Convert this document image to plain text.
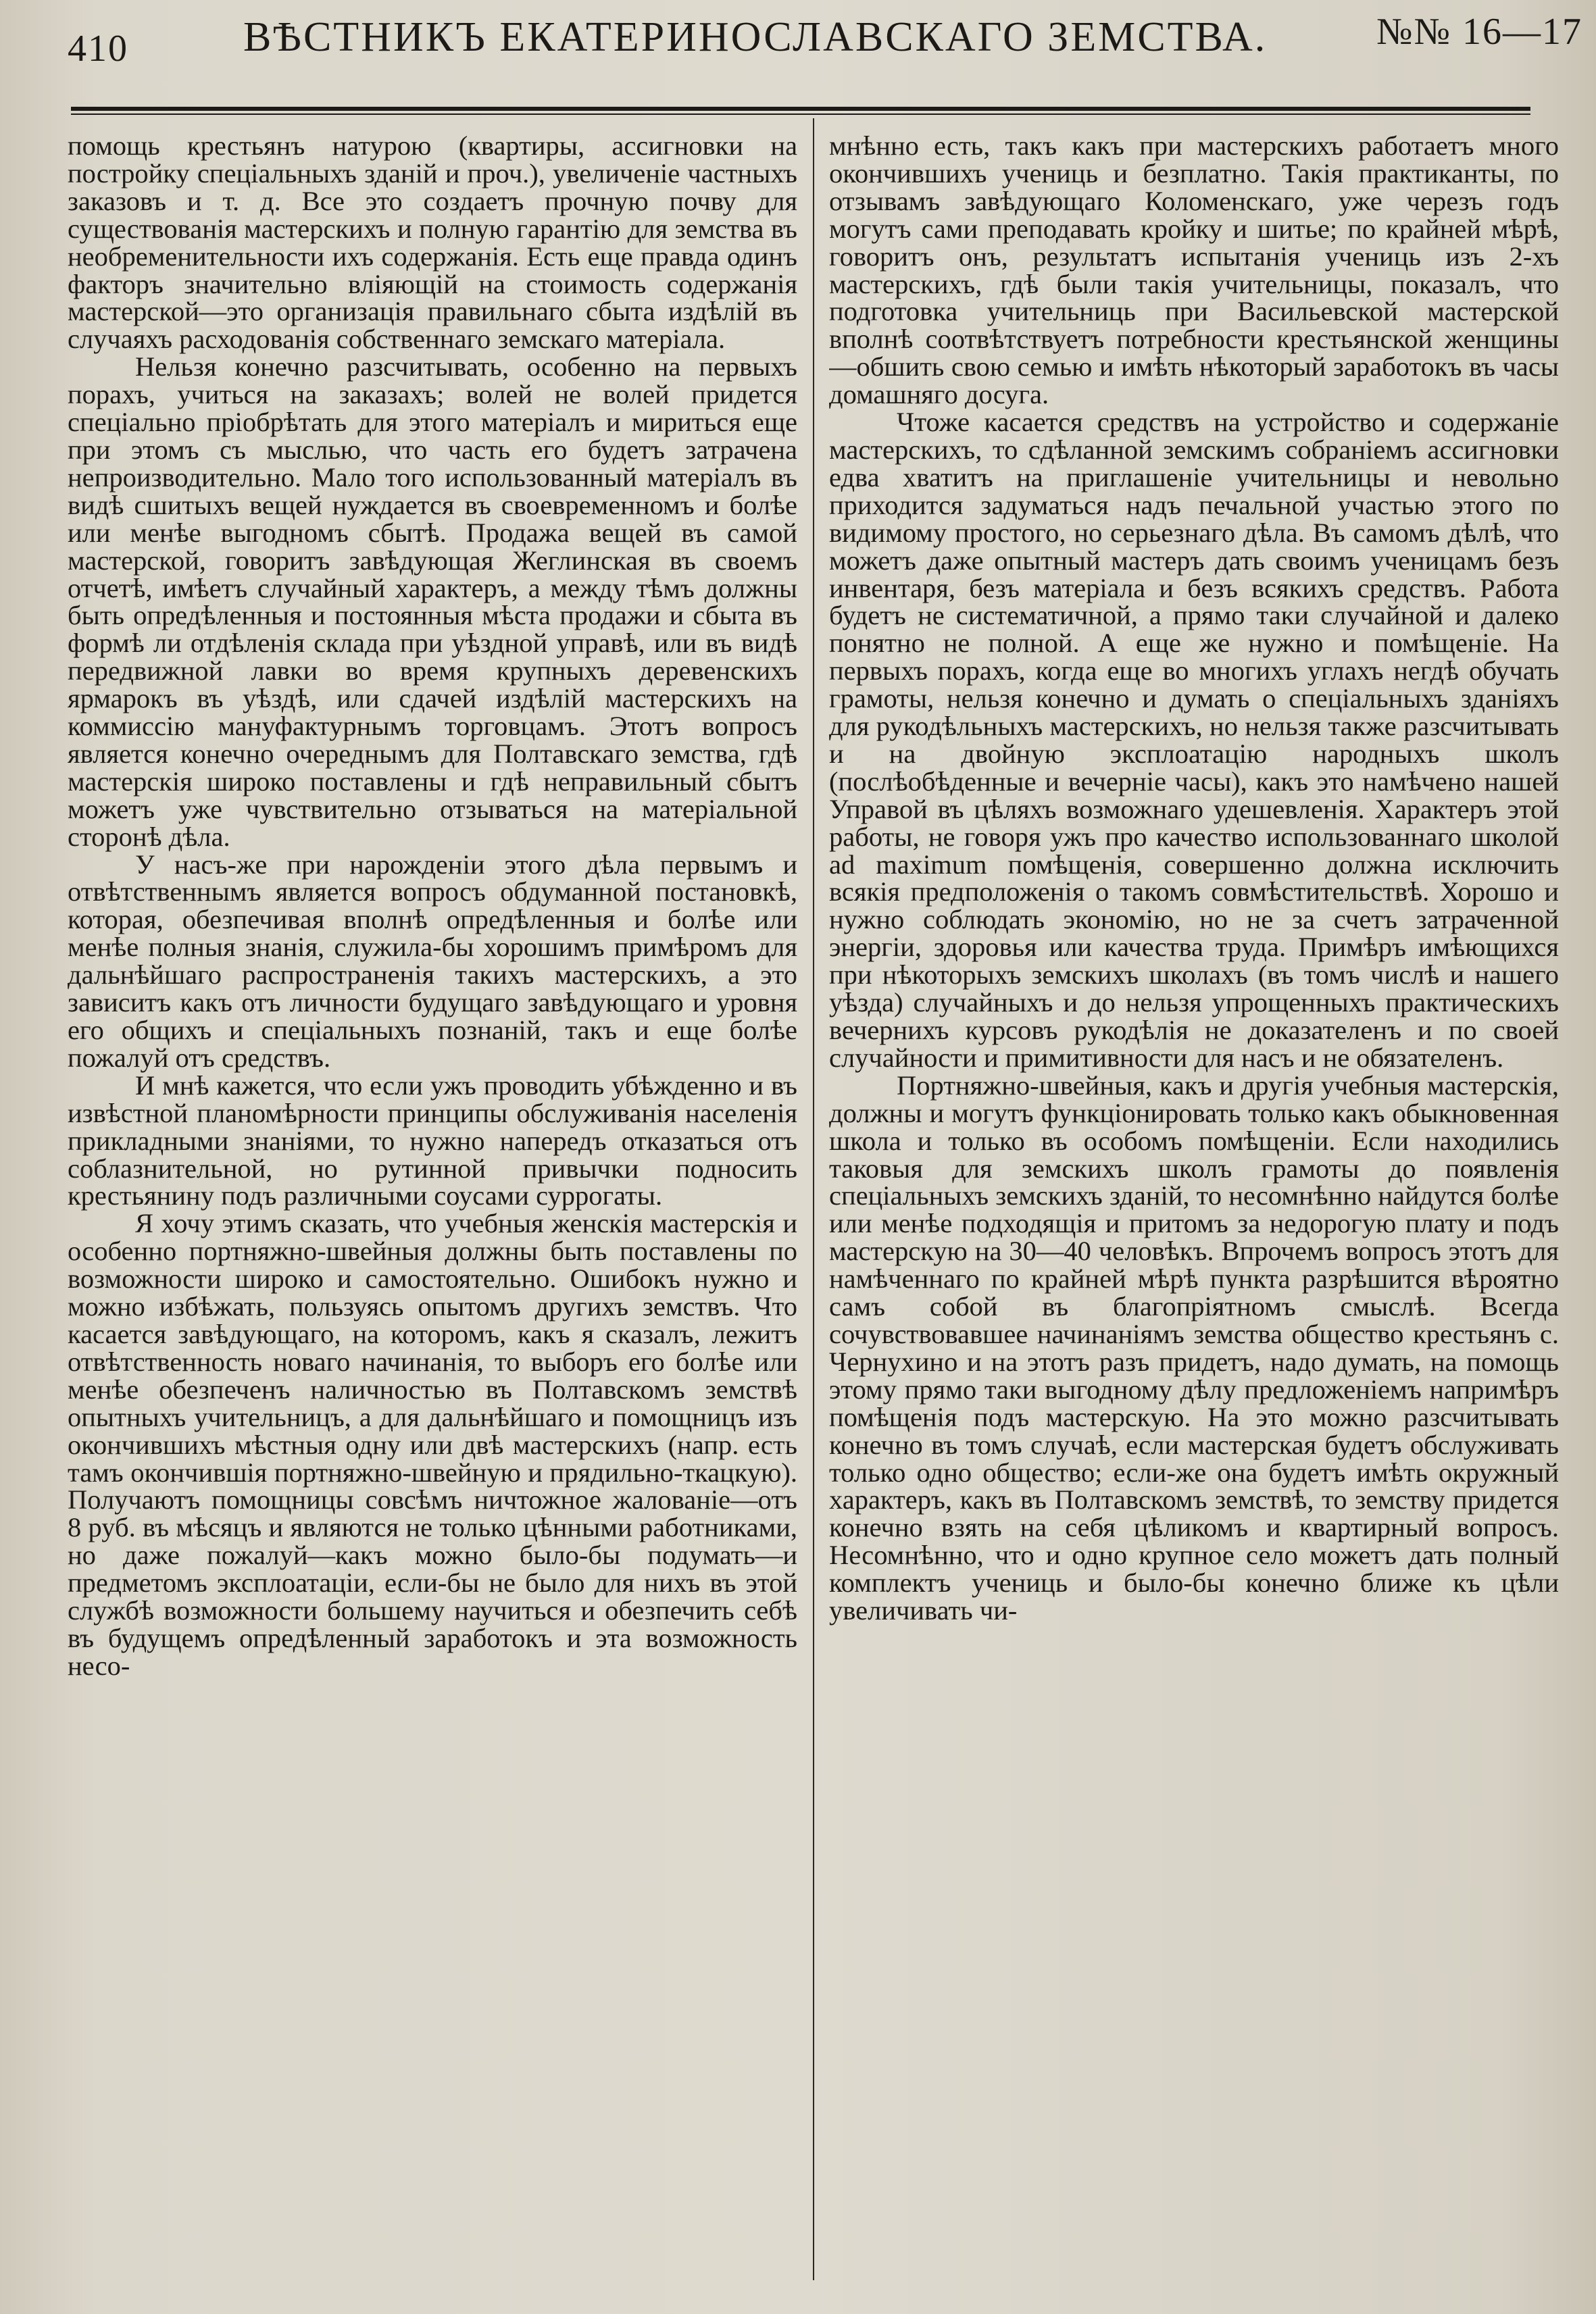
410	ВѢСТНИКЪ ЕКАТЕРИНОСЛАВСКАГО ЗЕМСТВА.	№№ 16—17

помощь крестьянъ натурою (квартиры, ассигновки на постройку спеціальныхъ зданій и проч.), увеличеніе частныхъ заказовъ и т. д. Все это создаетъ прочную почву для существованія мастерскихъ и полную гарантію для земства въ необременительности ихъ содержанія. Есть еще правда одинъ факторъ значительно вліяющій на стоимость содержанія мастерской—это организація правильнаго сбыта издѣлій въ случаяхъ расходованія собственнаго земскаго матеріала.

Нельзя конечно разсчитывать, особенно на первыхъ порахъ, учиться на заказахъ; волей не волей придется спеціально пріобрѣтать для этого матеріалъ и мириться еще при этомъ съ мыслью, что часть его будетъ затрачена непроизводительно. Мало того использованный матеріалъ въ видѣ сшитыхъ вещей нуждается въ своевременномъ и болѣе или менѣе выгодномъ сбытѣ. Продажа вещей въ самой мастерской, говоритъ завѣдующая Жеглинская въ своемъ отчетѣ, имѣетъ случайный характеръ, а между тѣмъ должны быть опредѣленныя и постоянныя мѣста продажи и сбыта въ формѣ ли отдѣленія склада при уѣздной управѣ, или въ видѣ передвижной лавки во время крупныхъ деревенскихъ ярмарокъ въ уѣздѣ, или сдачей издѣлій мастерскихъ на коммиссію мануфактурнымъ торговцамъ. Этотъ вопросъ является конечно очереднымъ для Полтавскаго земства, гдѣ мастерскія широко поставлены и гдѣ неправильный сбытъ можетъ уже чувствительно отзываться на матеріальной сторонѣ дѣла.

У насъ-же при нарожденіи этого дѣла первымъ и отвѣтственнымъ является вопросъ обдуманной постановкѣ, которая, обезпечивая вполнѣ опредѣленныя и болѣе или менѣе полныя знанія, служила-бы хорошимъ примѣромъ для дальнѣйшаго распространенія такихъ мастерскихъ, а это зависитъ какъ отъ личности будущаго завѣдующаго и уровня его общихъ и спеціальныхъ познаній, такъ и еще болѣе пожалуй отъ средствъ.

И мнѣ кажется, что если ужъ проводить убѣжденно и въ извѣстной планомѣрности принципы обслуживанія населенія прикладными знаніями, то нужно напередъ отказаться отъ соблазнительной, но рутинной привычки подносить крестьянину подъ различными соусами суррогаты.

Я хочу этимъ сказать, что учебныя женскія мастерскія и особенно портняжно-швейныя должны быть поставлены по возможности широко и самостоятельно. Ошибокъ нужно и можно избѣжать, пользуясь опытомъ другихъ земствъ. Что касается завѣдующаго, на которомъ, какъ я сказалъ, лежитъ отвѣтственность новаго начинанія, то выборъ его болѣе или менѣе обезпеченъ наличностью въ Полтавскомъ земствѣ опытныхъ учительницъ, а для дальнѣйшаго и помощницъ изъ окончившихъ мѣстныя одну или двѣ мастерскихъ (напр. есть тамъ окончившія портняжно-швейную и прядильно-ткацкую). Получаютъ помощницы совсѣмъ ничтожное жалованіе—отъ 8 руб. въ мѣсяцъ и являются не только цѣнными работниками, но даже пожалуй—какъ можно было-бы подумать—и предметомъ эксплоатаціи, если-бы не было для нихъ въ этой службѣ возможности большему научиться и обезпечить себѣ въ будущемъ опредѣленный заработокъ и эта возможность несо-

мнѣнно есть, такъ какъ при мастерскихъ работаетъ много окончившихъ учениць и безплатно. Такія практиканты, по отзывамъ завѣдующаго Коломенскаго, уже черезъ годъ могутъ сами преподавать кройку и шитье; по крайней мѣрѣ, говоритъ онъ, результатъ испытанія учениць изъ 2-хъ мастерскихъ, гдѣ были такія учительницы, показалъ, что подготовка учительниць при Васильевской мастерской вполнѣ соотвѣтствуетъ потребности крестьянской женщины—обшить свою семью и имѣть нѣкоторый заработокъ въ часы домашняго досуга.

Чтоже касается средствъ на устройство и содержаніе мастерскихъ, то сдѣланной земскимъ собраніемъ ассигновки едва хватитъ на приглашеніе учительницы и невольно приходится задуматься надъ печальной участью этого по видимому простого, но серьезнаго дѣла. Въ самомъ дѣлѣ, что можетъ даже опытный мастеръ дать своимъ ученицамъ безъ инвентаря, безъ матеріала и безъ всякихъ средствъ. Работа будетъ не систематичной, а прямо таки случайной и далеко понятно не полной. А еще же нужно и помѣщеніе. На первыхъ порахъ, когда еще во многихъ углахъ негдѣ обучать грамоты, нельзя конечно и думать о спеціальныхъ зданіяхъ для рукодѣльныхъ мастерскихъ, но нельзя также разсчитывать и на двойную эксплоатацію народныхъ школъ (послѣобѣденные и вечерніе часы), какъ это намѣчено нашей Управой въ цѣляхъ возможнаго удешевленія. Характеръ этой работы, не говоря ужъ про качество использованнаго школой ad maximum помѣщенія, совершенно должна исключить всякія предположенія о такомъ совмѣстительствѣ. Хорошо и нужно соблюдать экономію, но не за счетъ затраченной энергіи, здоровья или качества труда. Примѣръ имѣющихся при нѣкоторыхъ земскихъ школахъ (въ томъ числѣ и нашего уѣзда) случайныхъ и до нельзя упрощенныхъ практическихъ вечернихъ курсовъ рукодѣлія не доказателенъ и по своей случайности и примитивности для насъ и не обязателенъ.

Портняжно-швейныя, какъ и другія учебныя мастерскія, должны и могутъ функціонировать только какъ обыкновенная школа и только въ особомъ помѣщеніи. Если находились таковыя для земскихъ школъ грамоты до появленія спеціальныхъ земскихъ зданій, то несомнѣнно найдутся болѣе или менѣе подходящія и притомъ за недорогую плату и подъ мастерскую на 30—40 человѣкъ. Впрочемъ вопросъ этотъ для намѣченнаго по крайней мѣрѣ пункта разрѣшится вѣроятно самъ собой въ благопріятномъ смыслѣ. Всегда сочувствовавшее начинаніямъ земства общество крестьянъ с. Чернухино и на этотъ разъ придетъ, надо думать, на помощь этому прямо таки выгодному дѣлу предложеніемъ напримѣръ помѣщенія подъ мастерскую. На это можно разсчитывать конечно въ томъ случаѣ, если мастерская будетъ обслуживать только одно общество; если-же она будетъ имѣть окружный характеръ, какъ въ Полтавскомъ земствѣ, то земству придется конечно взять на себя цѣликомъ и квартирный вопросъ. Несомнѣнно, что и одно крупное село можетъ дать полный комплектъ учениць и было-бы конечно ближе къ цѣли увеличивать чи-
